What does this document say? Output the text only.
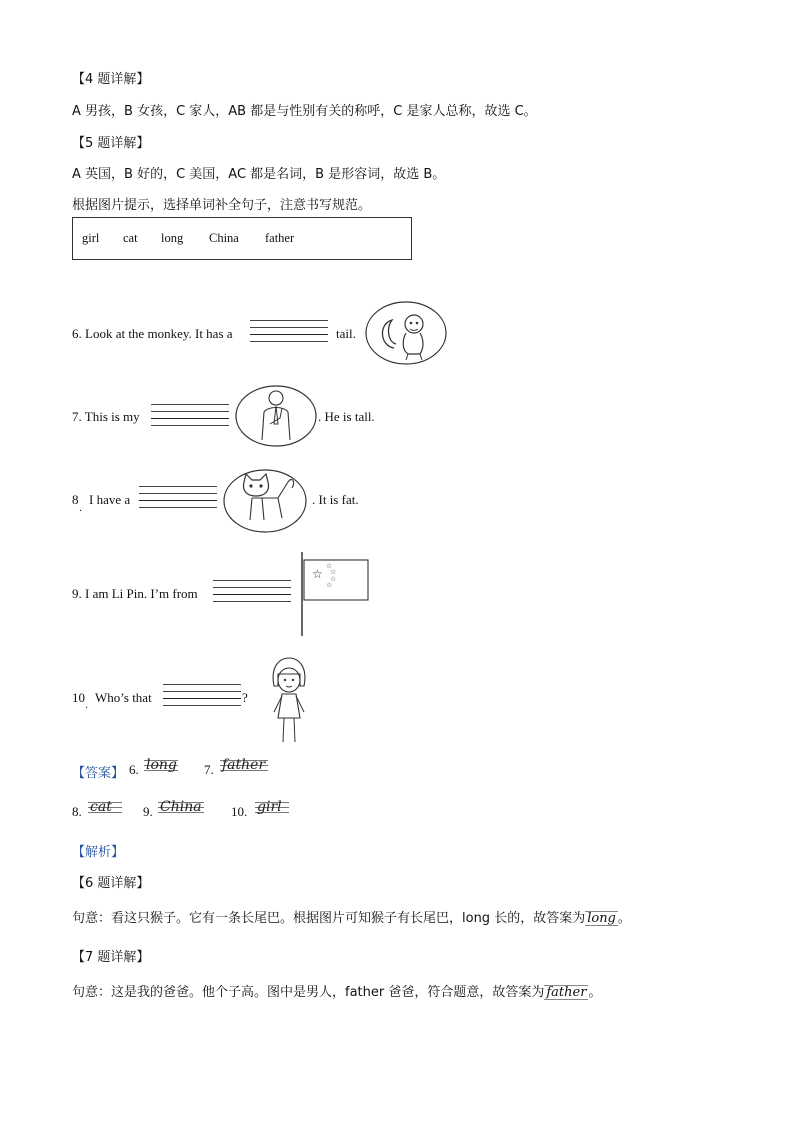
【4 题详解】
A 男孩，B 女孩，C 家人，AB 都是与性别有关的称呼，C 是家人总称，故选 C。
【5 题详解】
A 英国，B 好的，C 美国，AC 都是名词，B 是形容词，故选 B。
根据图片提示，选择单词补全句子，注意书写规范。
girl cat long China father
6. Look at the monkey. It has a	tail.
7. This is my	. He is tall.
8 I have a
·
. It is fat.
9. I am Li Pin. I’m from
☆
☆
☆
☆
☆
10 Who’s that
·
?
【答案】 6. long 7. father
8. cat 9. China 10. girl
【解析】
【6 题详解】
句意：看这只猴子。它有一条长尾巴。根据图片可知猴子有长尾巴，long 长的，故答案为 long 。
【7 题详解】
句意：这是我的爸爸。他个子高。图中是男人，father 爸爸，符合题意，故答案为 father 。
